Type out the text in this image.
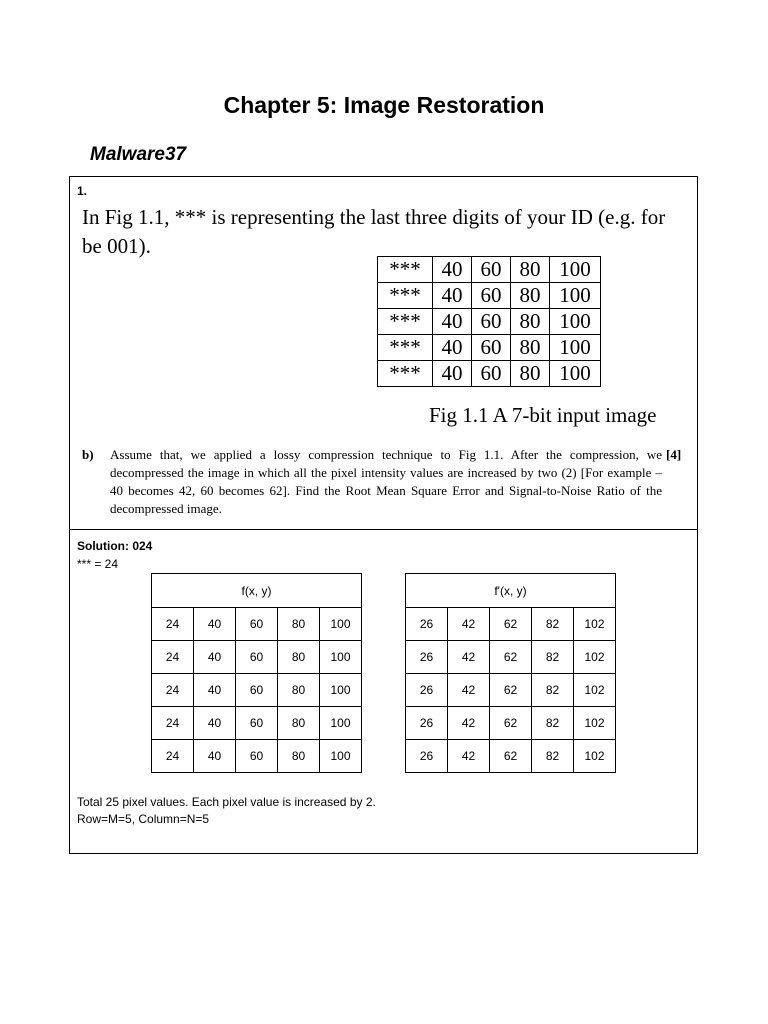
Chapter 5: Image Restoration
Malware37
1.
In Fig 1.1, *** is representing the last three digits of your ID (e.g. for
be 001).
***	40	60	80	100
***	40	60	80	100
***	40	60	80	100
***	40	60	80	100
***	40	60	80	100
Fig 1.1 A 7-bit input image
b) Assume that, we applied a lossy compression technique to Fig 1.1. After the compression, we decompressed the image in which all the pixel intensity values are increased by two (2) [For example – 40 becomes 42, 60 becomes 62]. Find the Root Mean Square Error and Signal-to-Noise Ratio of the decompressed image.
[4]
Solution: 024
*** = 24
f(x, y)				
24	40	60	80	100
24	40	60	80	100
24	40	60	80	100
24	40	60	80	100
24	40	60	80	100
f'(x, y)				
26	42	62	82	102
26	42	62	82	102
26	42	62	82	102
26	42	62	82	102
26	42	62	82	102
Total 25 pixel values. Each pixel value is increased by 2.
Row=M=5, Column=N=5
